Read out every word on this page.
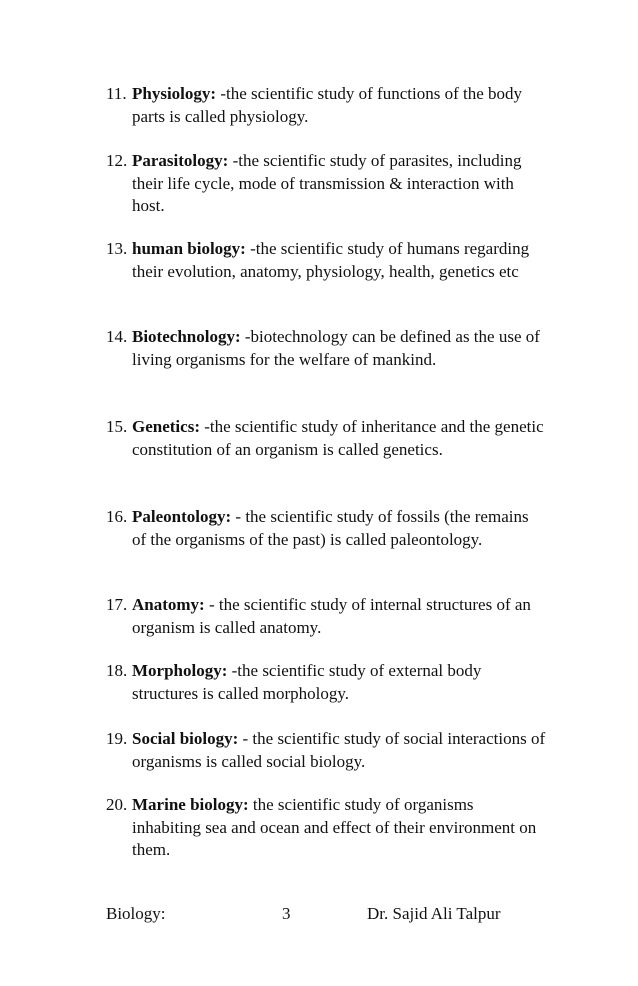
11. Physiology: -the scientific study of functions of the body parts is called physiology.
12. Parasitology: -the scientific study of parasites, including their life cycle, mode of transmission & interaction with host.
13. human biology: -the scientific study of humans regarding their evolution, anatomy, physiology, health, genetics etc
14. Biotechnology: -biotechnology can be defined as the use of living organisms for the welfare of mankind.
15. Genetics: -the scientific study of inheritance and the genetic constitution of an organism is called genetics.
16. Paleontology: - the scientific study of fossils (the remains of the organisms of the past) is called paleontology.
17. Anatomy: - the scientific study of internal structures of an organism is called anatomy.
18. Morphology: -the scientific study of external body structures is called morphology.
19. Social biology: - the scientific study of social interactions of organisms is called social biology.
20. Marine biology: the scientific study of organisms inhabiting sea and ocean and effect of their environment on them.
Biology:	3	Dr. Sajid Ali Talpur
